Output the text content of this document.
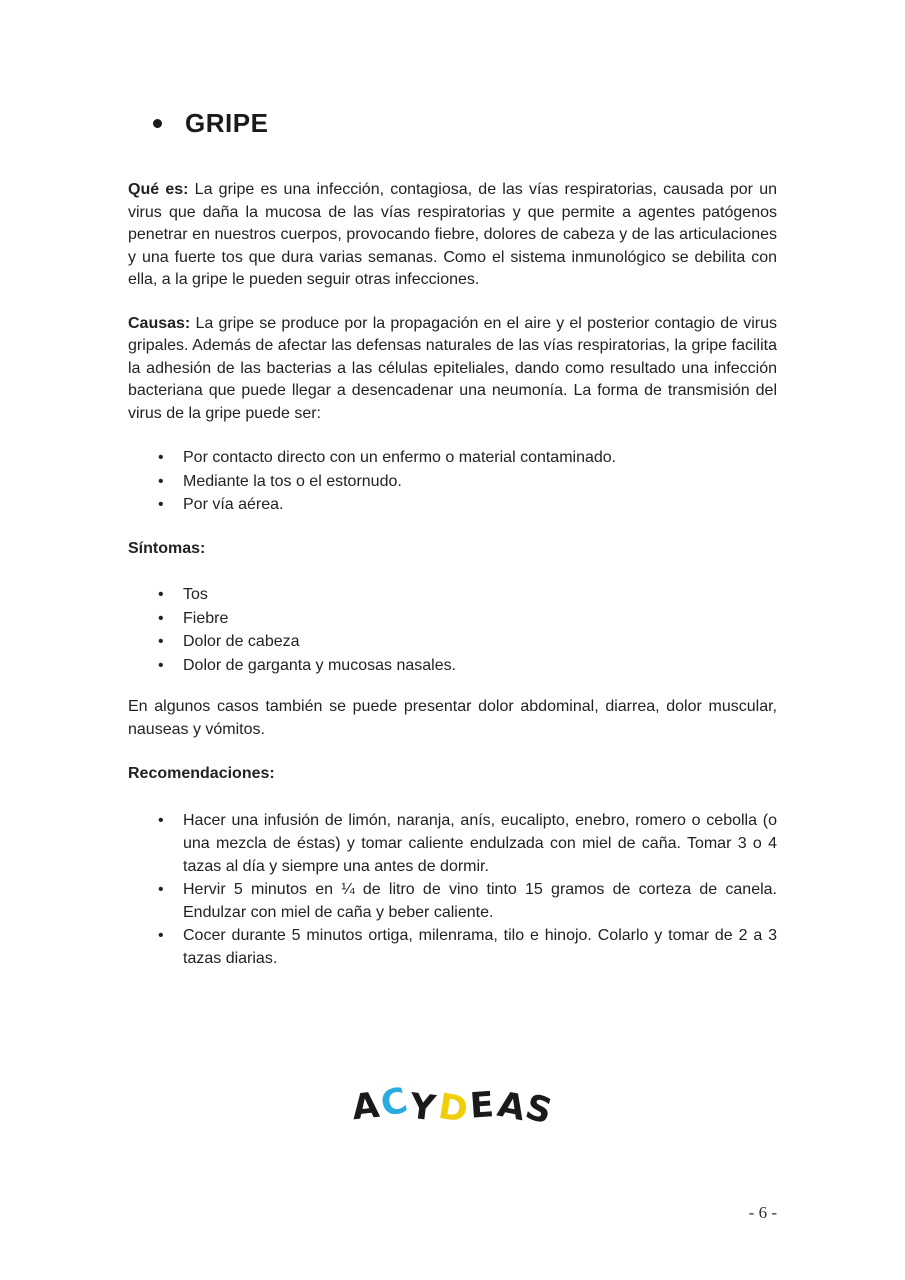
GRIPE

Qué es: La gripe es una infección, contagiosa, de las vías respiratorias, causada por un virus que daña la mucosa de las vías respiratorias y que permite a agentes patógenos penetrar en nuestros cuerpos, provocando fiebre, dolores de cabeza y de las articulaciones y una fuerte tos que dura varias semanas. Como el sistema inmunológico se debilita con ella, a la gripe le pueden seguir otras infecciones.

Causas: La gripe se produce por la propagación en el aire y el posterior contagio de virus gripales. Además de afectar las defensas naturales de las vías respiratorias, la gripe facilita la adhesión de las bacterias a las células epiteliales, dando como resultado una infección bacteriana que puede llegar a desencadenar una neumonía. La forma de transmisión del virus de la gripe puede ser:

• Por contacto directo con un enfermo o material contaminado.
• Mediante la tos o el estornudo.
• Por vía aérea.
Síntomas:
• Tos
• Fiebre
• Dolor de cabeza
• Dolor de garganta y mucosas nasales.

En algunos casos también se puede presentar dolor abdominal, diarrea, dolor muscular, nauseas y vómitos.

Recomendaciones:
• Hacer una infusión de limón, naranja, anís, eucalipto, enebro, romero o cebolla (o una mezcla de éstas) y tomar caliente endulzada con miel de caña. Tomar 3 o 4 tazas al día y siempre una antes de dormir.
• Hervir 5 minutos en ¼ de litro de vino tinto 15 gramos de corteza de canela. Endulzar con miel de caña y beber caliente.
• Cocer durante 5 minutos ortiga, milenrama, tilo e hinojo. Colarlo y tomar de 2 a 3 tazas diarias.
A C Y D E A S
- 6 -
